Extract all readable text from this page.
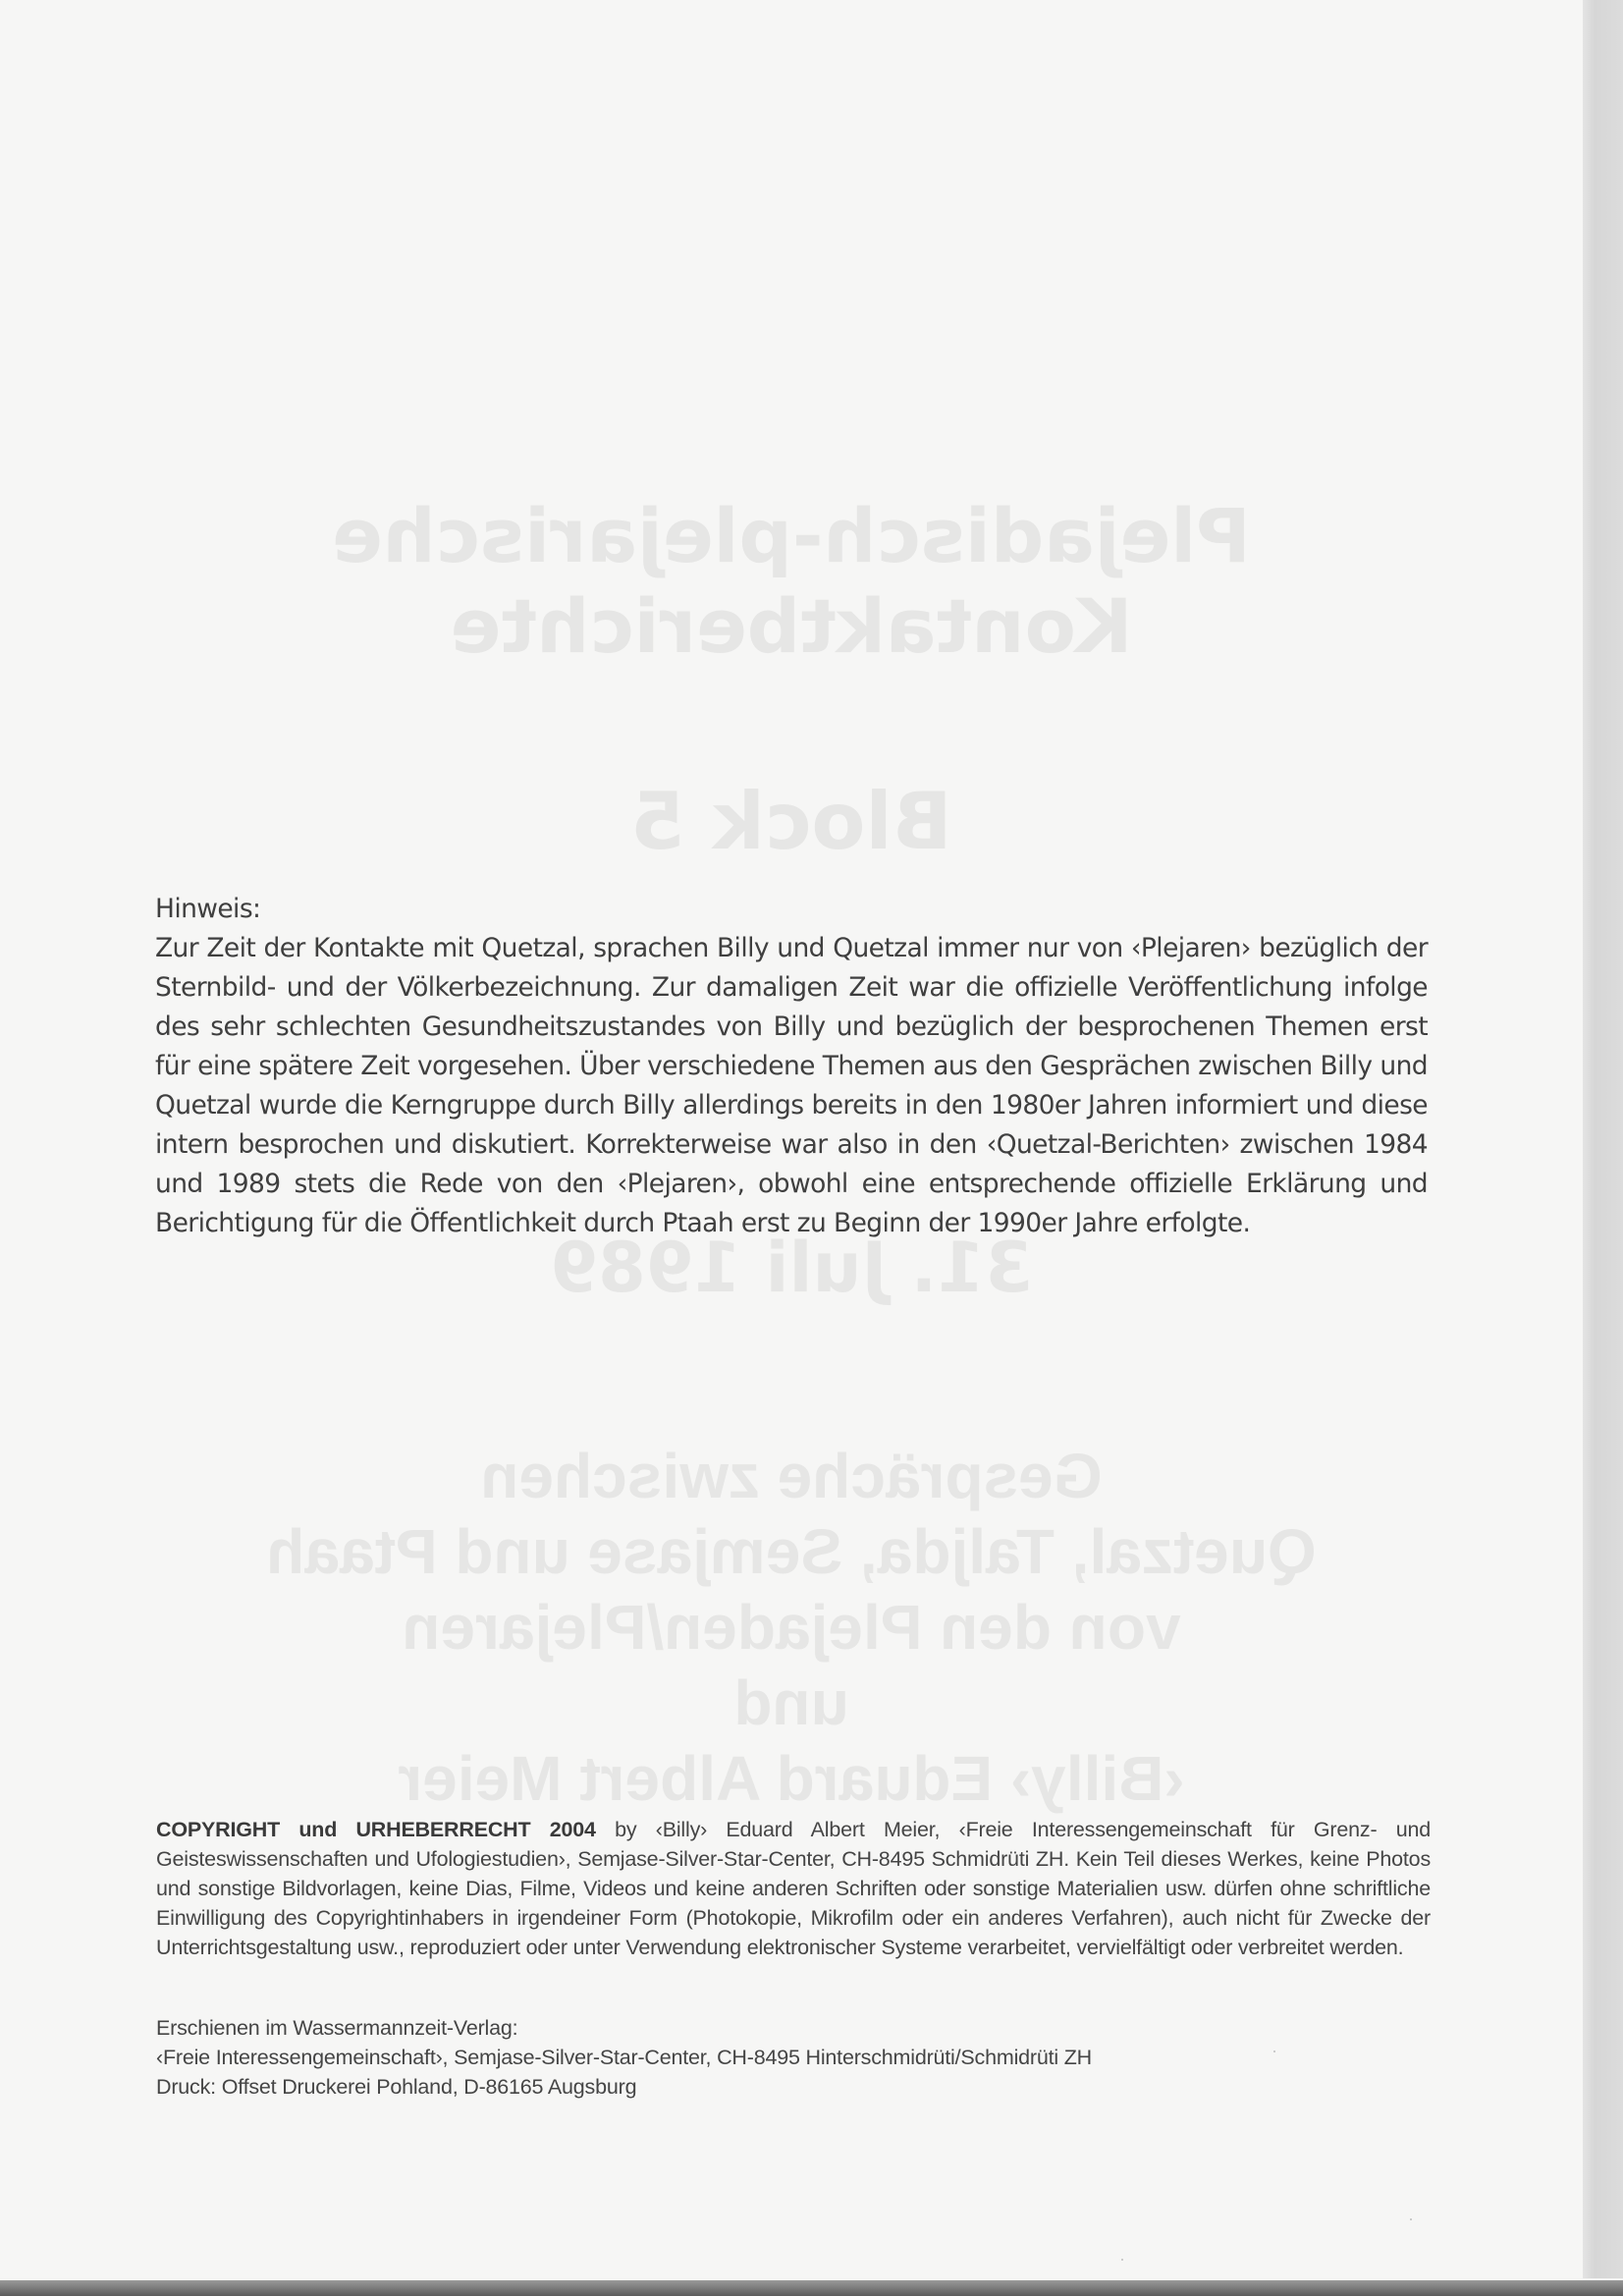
Plejadisch-plejarische
Kontaktberichte
Block 5
31. Juli 1989
Gespräche zwischen
Quetzal, Taljda, Semjase und Ptaah
von den Plejaden/Plejaren
und
‹Billy› Eduard Albert Meier
Hinweis:
Zur Zeit der Kontakte mit Quetzal, sprachen Billy und Quetzal immer nur von ‹Plejaren› bezüglich der Sternbild- und der Völkerbezeichnung. Zur damaligen Zeit war die offizielle Veröffentlichung infolge des sehr schlechten Gesundheitszustandes von Billy und bezüglich der besprochenen Themen erst für eine spätere Zeit vorgesehen. Über verschiedene Themen aus den Gesprächen zwischen Billy und Quetzal wurde die Kerngruppe durch Billy allerdings bereits in den 1980er Jahren informiert und diese intern besprochen und diskutiert. Korrekterweise war also in den ‹Quetzal-Berichten› zwischen 1984 und 1989 stets die Rede von den ‹Plejaren›, obwohl eine entsprechende offizielle Erklärung und Berichtigung für die Öffentlichkeit durch Ptaah erst zu Beginn der 1990er Jahre erfolgte.
COPYRIGHT und URHEBERRECHT 2004 by ‹Billy› Eduard Albert Meier, ‹Freie Interessengemeinschaft für Grenz- und Geisteswissenschaften und Ufologiestudien›, Semjase-Silver-Star-Center, CH-8495 Schmidrüti ZH. Kein Teil dieses Werkes, keine Photos und sonstige Bildvorlagen, keine Dias, Filme, Videos und keine anderen Schriften oder sonstige Materialien usw. dürfen ohne schriftliche Einwilligung des Copyrightinhabers in irgendeiner Form (Photokopie, Mikrofilm oder ein anderes Verfahren), auch nicht für Zwecke der Unterrichtsgestaltung usw., reproduziert oder unter Verwendung elektronischer Systeme verarbeitet, vervielfältigt oder verbreitet werden.
Erschienen im Wassermannzeit-Verlag:
‹Freie Interessengemeinschaft›, Semjase-Silver-Star-Center, CH-8495 Hinterschmidrüti/Schmidrüti ZH
Druck: Offset Druckerei Pohland, D-86165 Augsburg
